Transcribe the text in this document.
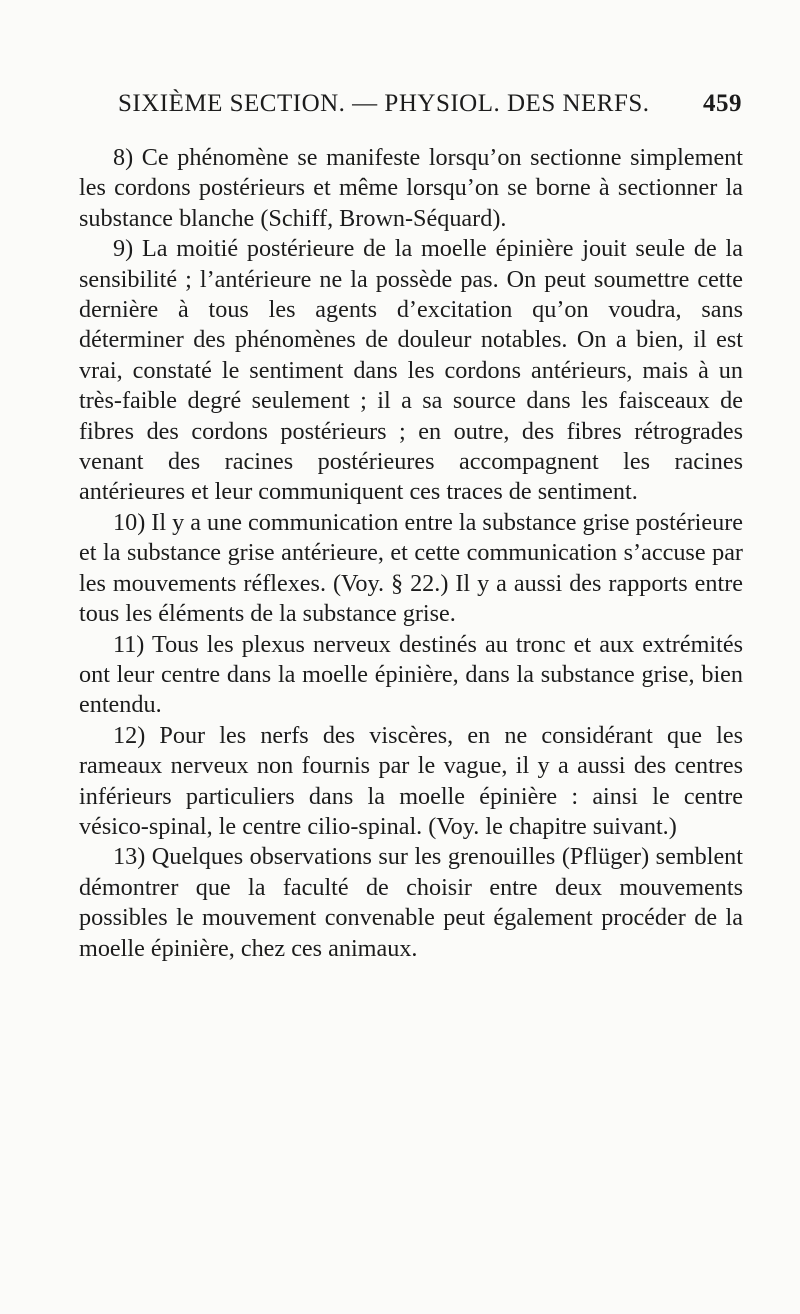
SIXIÈME SECTION. — PHYSIOL. DES NERFS. 459

8) Ce phénomène se manifeste lorsqu’on sectionne simplement les cordons postérieurs et même lorsqu’on se borne à sectionner la substance blanche (Schiff, Brown-Séquard).

9) La moitié postérieure de la moelle épinière jouit seule de la sensibilité ; l’antérieure ne la possède pas. On peut soumettre cette dernière à tous les agents d’excitation qu’on voudra, sans déterminer des phénomènes de douleur notables. On a bien, il est vrai, constaté le sentiment dans les cordons antérieurs, mais à un très-faible degré seulement ; il a sa source dans les faisceaux de fibres des cordons postérieurs ; en outre, des fibres rétrogrades venant des racines postérieures accompagnent les racines antérieures et leur communiquent ces traces de sentiment.

10) Il y a une communication entre la substance grise postérieure et la substance grise antérieure, et cette communication s’accuse par les mouvements réflexes. (Voy. § 22.) Il y a aussi des rapports entre tous les éléments de la substance grise.

11) Tous les plexus nerveux destinés au tronc et aux extrémités ont leur centre dans la moelle épinière, dans la substance grise, bien entendu.

12) Pour les nerfs des viscères, en ne considérant que les rameaux nerveux non fournis par le vague, il y a aussi des centres inférieurs particuliers dans la moelle épinière : ainsi le centre vésico-spinal, le centre cilio-spinal. (Voy. le chapitre suivant.)

13) Quelques observations sur les grenouilles (Pflüger) semblent démontrer que la faculté de choisir entre deux mouvements possibles le mouvement convenable peut également procéder de la moelle épinière, chez ces animaux.
